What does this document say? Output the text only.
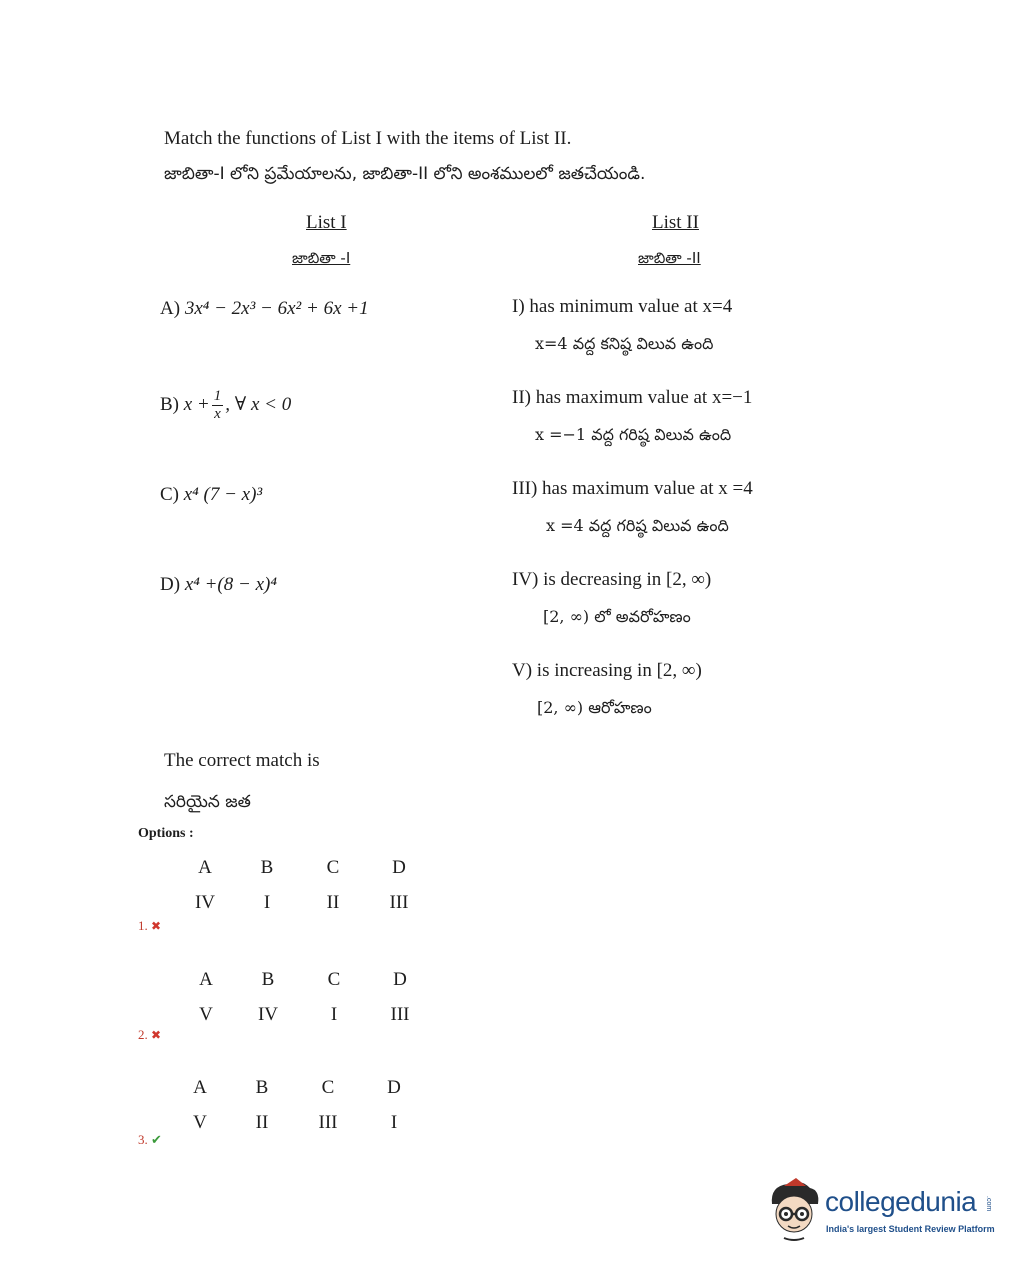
Match the functions of List I with the items of List II.
జాబితా-I లోని ప్రమేయాలను, జాబితా-II లోని అంశములలో జతచేయండి.
List I
జాబితా -I
List II
జాబితా -II
A) 3x⁴ − 2x³ − 6x² + 6x +1
B) $x + \frac{1}{x}$ , ∀ x < 0
C) x⁴ (7 − x)³
D) x⁴ +(8 − x)⁴
I) has minimum value at x=4
x=4 వద్ద కనిష్ఠ విలువ ఉంది
II) has maximum value at x=−1
x =−1 వద్ద గరిష్ఠ విలువ ఉంది
III) has maximum value at x =4
x =4 వద్ద గరిష్ఠ విలువ ఉంది
IV) is decreasing in [2, ∞)
[2, ∞) లో అవరోహణం
V) is increasing in [2, ∞)
[2, ∞) ఆరోహణం
The correct match is
సరియైన జత
Options :
A	B	C	D
IV	I	II	III
1. ✖
A	B	C	D
V	IV	I	III
2. ✖
A	B	C	D
V	II	III	I
3. ✔
collegedunia .com
India's largest Student Review Platform
